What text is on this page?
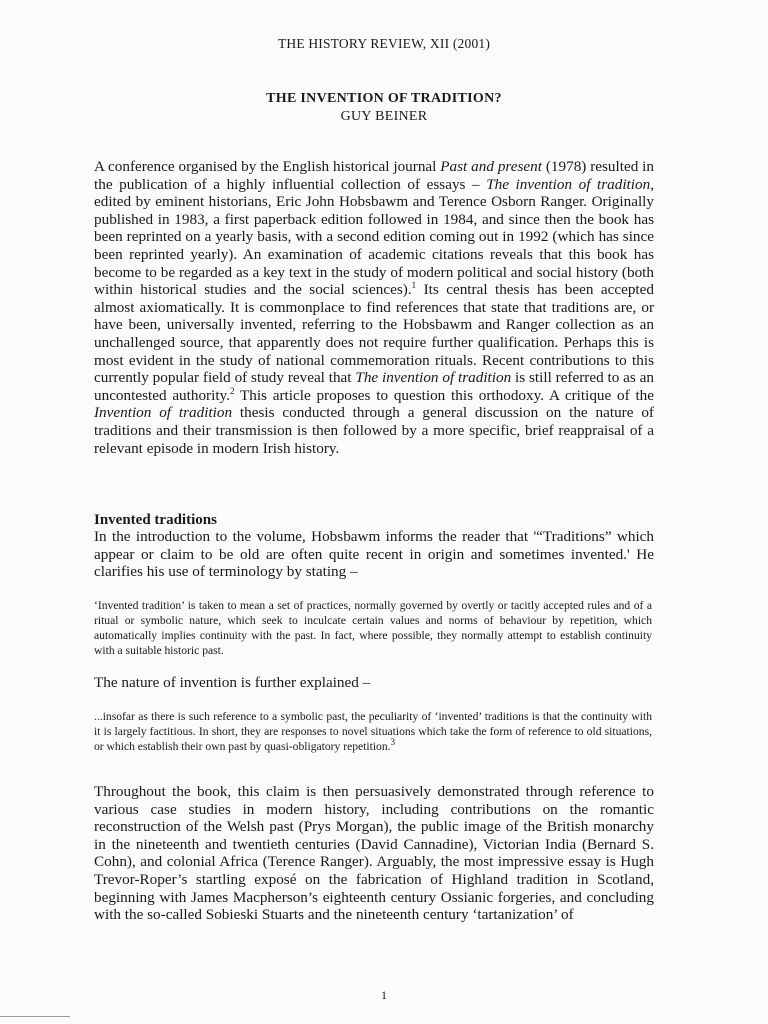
THE HISTORY REVIEW, XII (2001)
THE INVENTION OF TRADITION?
GUY BEINER

A conference organised by the English historical journal Past and present (1978) resulted in the publication of a highly influential collection of essays – The invention of tradition, edited by eminent historians, Eric John Hobsbawm and Terence Osborn Ranger. Originally published in 1983, a first paperback edition followed in 1984, and since then the book has been reprinted on a yearly basis, with a second edition coming out in 1992 (which has since been reprinted yearly). An examination of academic citations reveals that this book has become to be regarded as a key text in the study of modern political and social history (both within historical studies and the social sciences).$^1$ Its central thesis has been accepted almost axiomatically. It is commonplace to find references that state that traditions are, or have been, universally invented, referring to the Hobsbawm and Ranger collection as an unchallenged source, that apparently does not require further qualification. Perhaps this is most evident in the study of national commemoration rituals. Recent contributions to this currently popular field of study reveal that The invention of tradition is still referred to as an uncontested authority.$^2$ This article proposes to question this orthodoxy. A critique of the Invention of tradition thesis conducted through a general discussion on the nature of traditions and their transmission is then followed by a more specific, brief reappraisal of a relevant episode in modern Irish history.

Invented traditions

In the introduction to the volume, Hobsbawm informs the reader that '“Traditions” which appear or claim to be old are often quite recent in origin and sometimes invented.' He clarifies his use of terminology by stating –

‘Invented tradition’ is taken to mean a set of practices, normally governed by overtly or tacitly accepted rules and of a ritual or symbolic nature, which seek to inculcate certain values and norms of behaviour by repetition, which automatically implies continuity with the past. In fact, where possible, they normally attempt to establish continuity with a suitable historic past.

The nature of invention is further explained –

...insofar as there is such reference to a symbolic past, the peculiarity of ‘invented’ traditions is that the continuity with it is largely factitious. In short, they are responses to novel situations which take the form of reference to old situations, or which establish their own past by quasi-obligatory repetition.$^3$

Throughout the book, this claim is then persuasively demonstrated through reference to various case studies in modern history, including contributions on the romantic reconstruction of the Welsh past (Prys Morgan), the public image of the British monarchy in the nineteenth and twentieth centuries (David Cannadine), Victorian India (Bernard S. Cohn), and colonial Africa (Terence Ranger). Arguably, the most impressive essay is Hugh Trevor-Roper’s startling exposé on the fabrication of Highland tradition in Scotland, beginning with James Macpherson’s eighteenth century Ossianic forgeries, and concluding with the so-called Sobieski Stuarts and the nineteenth century ‘tartanization’ of

1
